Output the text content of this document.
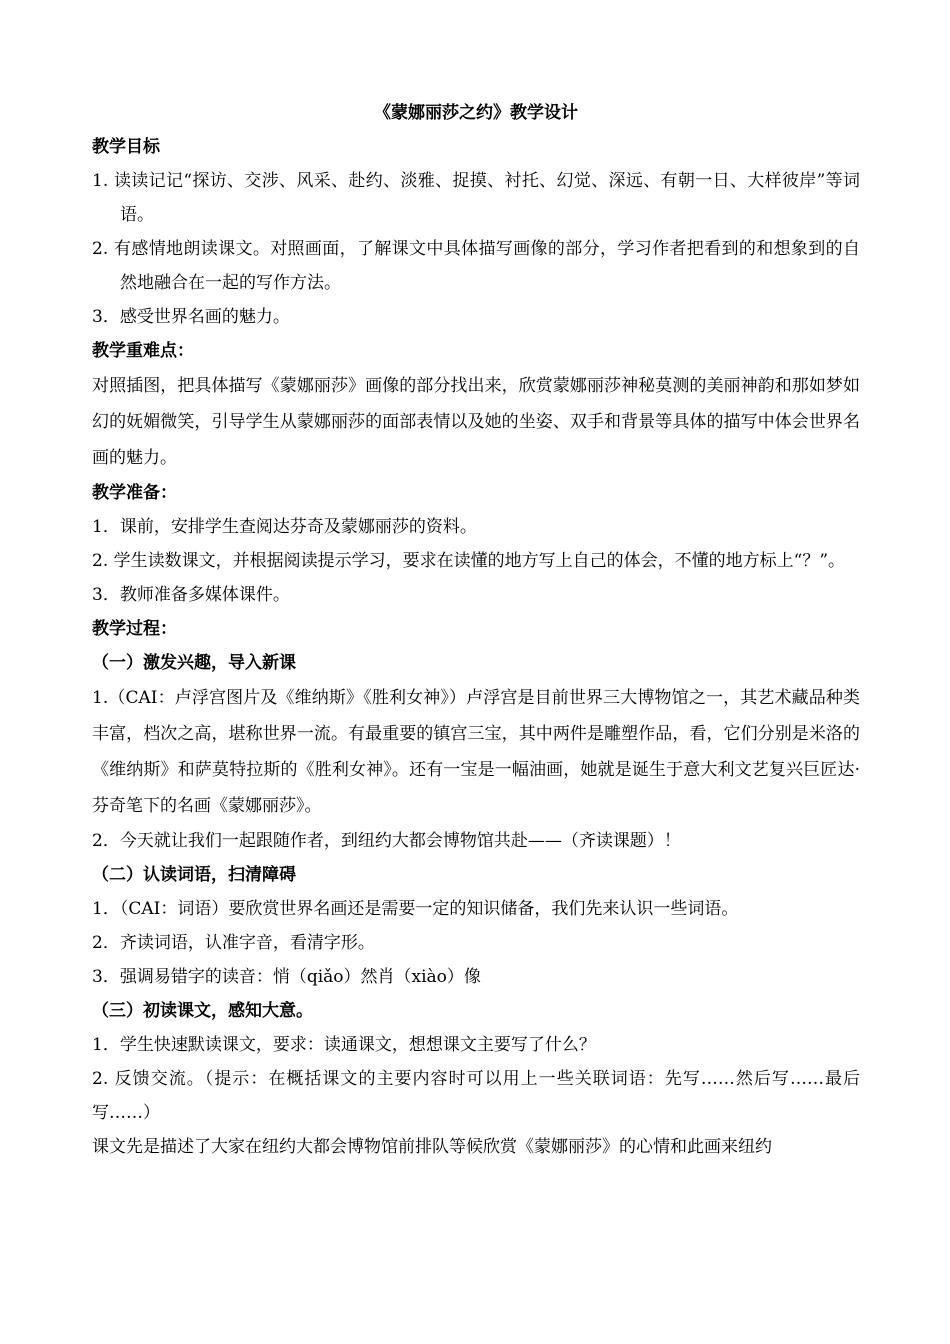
《蒙娜丽莎之约》教学设计
教学目标
1. 读读记记“探访、交涉、风采、赴约、淡雅、捉摸、衬托、幻觉、深远、有朝一日、大样彼岸”等词语。
2. 有感情地朗读课文。对照画面，了解课文中具体描写画像的部分，学习作者把看到的和想象到的自然地融合在一起的写作方法。
3．感受世界名画的魅力。
教学重难点：
对照插图，把具体描写《蒙娜丽莎》画像的部分找出来，欣赏蒙娜丽莎神秘莫测的美丽神韵和那如梦如幻的妩媚微笑，引导学生从蒙娜丽莎的面部表情以及她的坐姿、双手和背景等具体的描写中体会世界名画的魅力。
教学准备：
1．课前，安排学生查阅达芬奇及蒙娜丽莎的资料。
2. 学生读数课文，并根据阅读提示学习，要求在读懂的地方写上自己的体会，不懂的地方标上“？”。
3．教师准备多媒体课件。
教学过程：
（一）激发兴趣，导入新课
1.（CAI：卢浮宫图片及《维纳斯》《胜利女神》）卢浮宫是目前世界三大博物馆之一，其艺术藏品种类丰富，档次之高，堪称世界一流。有最重要的镇宫三宝，其中两件是雕塑作品，看，它们分别是米洛的《维纳斯》和萨莫特拉斯的《胜利女神》。还有一宝是一幅油画，她就是诞生于意大利文艺复兴巨匠达·芬奇笔下的名画《蒙娜丽莎》。
2．今天就让我们一起跟随作者，到纽约大都会博物馆共赴——（齐读课题）！
（二）认读词语，扫清障碍
1．（CAI：词语）要欣赏世界名画还是需要一定的知识储备，我们先来认识一些词语。
2．齐读词语，认准字音，看清字形。
3．强调易错字的读音：悄（qiǎo）然肖（xiào）像
（三）初读课文，感知大意。
1．学生快速默读课文，要求：读通课文，想想课文主要写了什么？
2. 反馈交流。（提示：在概括课文的主要内容时可以用上一些关联词语：先写……然后写……最后写……）
课文先是描述了大家在纽约大都会博物馆前排队等候欣赏《蒙娜丽莎》的心情和此画来纽约
